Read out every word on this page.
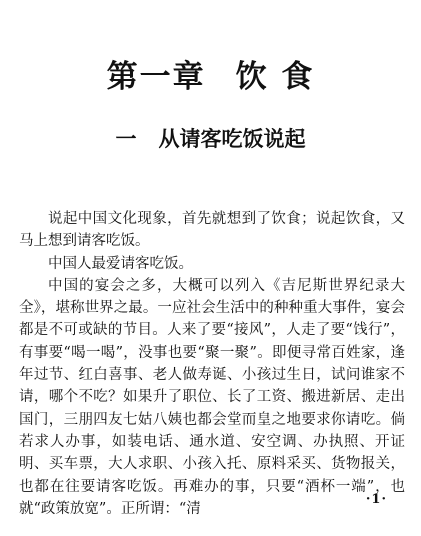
第一章 饮 食
一 从请客吃饭说起

说起中国文化现象，首先就想到了饮食；说起饮食，又马上想到请客吃饭。

中国人最爱请客吃饭。

中国的宴会之多，大概可以列入《吉尼斯世界纪录大全》，堪称世界之最。一应社会生活中的种种重大事件，宴会都是不可或缺的节目。人来了要“接风”，人走了要“饯行”，有事要“喝一喝”，没事也要“聚一聚”。即便寻常百姓家，逢年过节、红白喜事、老人做寿诞、小孩过生日，试问谁家不请，哪个不吃？如果升了职位、长了工资、搬进新居、走出国门，三朋四友七姑八姨也都会堂而皇之地要求你请吃。倘若求人办事，如装电话、通水道、安空调、办执照、开证明、买车票，大人求职、小孩入托、原料采买、货物报关，也都在往要请客吃饭。再难办的事，只要“酒杯一端”，也就“政策放宽”。正所谓：“清

·1·
